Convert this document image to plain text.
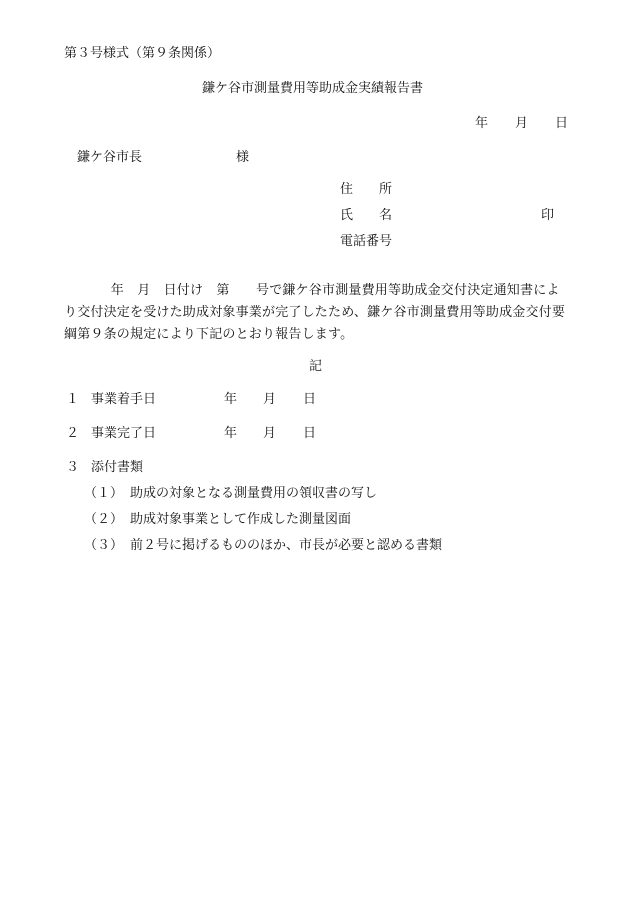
第３号様式（第９条関係）
鎌ケ谷市測量費用等助成金実績報告書
年 月 日
鎌ケ谷市長	様
住　　所
氏　　名	印
電話番号
年　月　日付け　第　　号で鎌ケ谷市測量費用等助成金交付決定通知書により交付決定を受けた助成対象事業が完了したため、鎌ケ谷市測量費用等助成金交付要綱第９条の規定により下記のとおり報告します。
記
１ 事業着手日	年 月 日
２ 事業完了日	年 月 日
３ 添付書類
（１） 助成の対象となる測量費用の領収書の写し
（２） 助成対象事業として作成した測量図面
（３） 前２号に掲げるもののほか、市長が必要と認める書類
